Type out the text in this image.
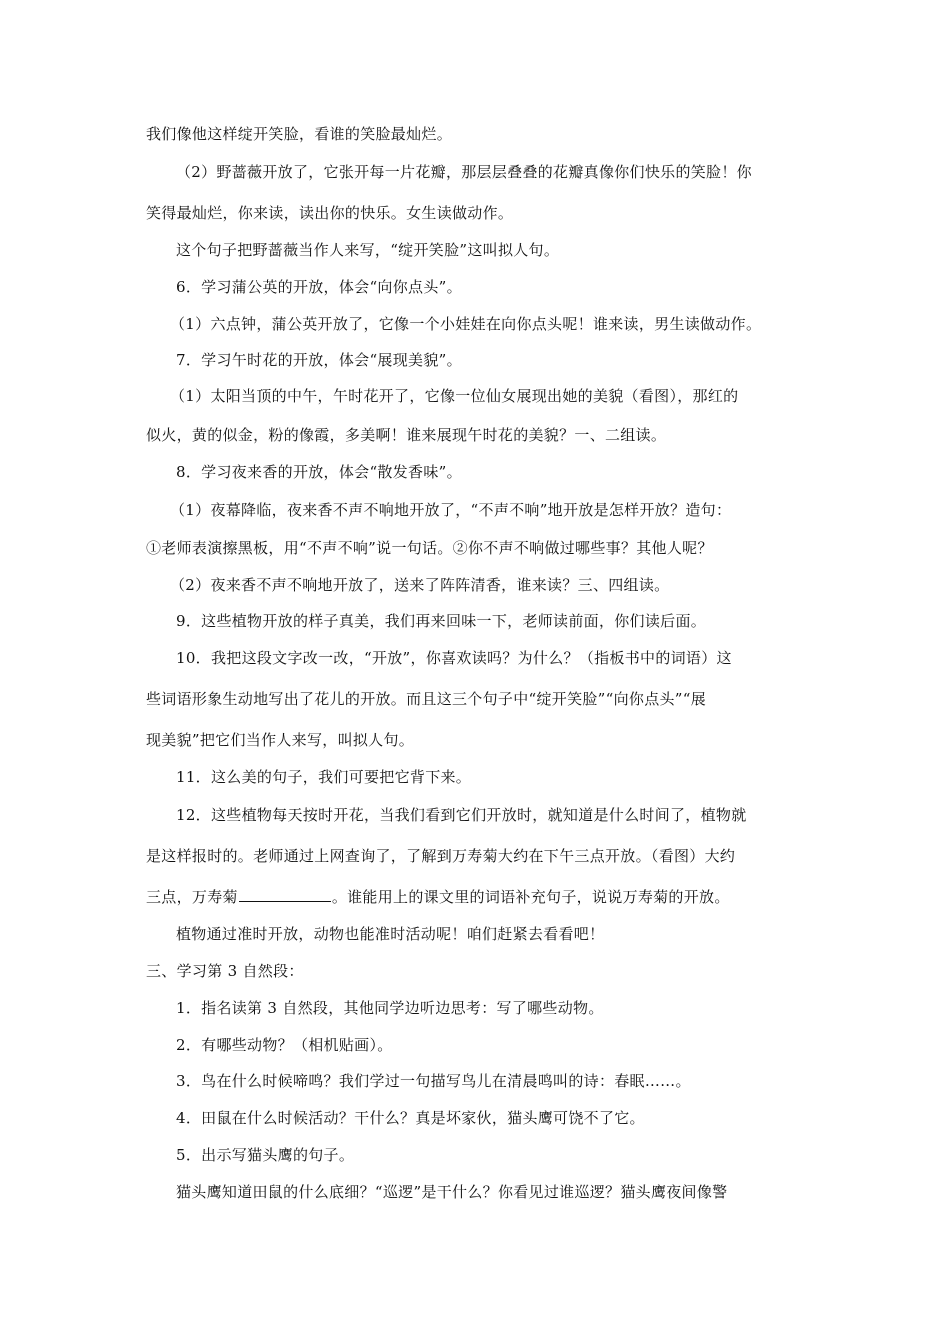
我们像他这样绽开笑脸，看谁的笑脸最灿烂。
（2）野蔷薇开放了，它张开每一片花瓣，那层层叠叠的花瓣真像你们快乐的笑脸！你
笑得最灿烂，你来读，读出你的快乐。女生读做动作。
这个句子把野蔷薇当作人来写，“绽开笑脸”这叫拟人句。
6．学习蒲公英的开放，体会“向你点头”。
（1）六点钟，蒲公英开放了，它像一个小娃娃在向你点头呢！谁来读，男生读做动作。
7．学习午时花的开放，体会“展现美貌”。
（1）太阳当顶的中午，午时花开了，它像一位仙女展现出她的美貌（看图），那红的
似火，黄的似金，粉的像霞，多美啊！谁来展现午时花的美貌？一、二组读。
8．学习夜来香的开放，体会“散发香味”。
（1）夜幕降临，夜来香不声不响地开放了，“不声不响”地开放是怎样开放？造句：
①老师表演擦黑板，用“不声不响”说一句话。②你不声不响做过哪些事？其他人呢？
（2）夜来香不声不响地开放了，送来了阵阵清香，谁来读？三、四组读。
9．这些植物开放的样子真美，我们再来回味一下，老师读前面，你们读后面。
10．我把这段文字改一改，“开放”，你喜欢读吗？为什么？（指板书中的词语）这
些词语形象生动地写出了花儿的开放。而且这三个句子中“绽开笑脸”“向你点头”“展
现美貌”把它们当作人来写，叫拟人句。
11．这么美的句子，我们可要把它背下来。
12．这些植物每天按时开花，当我们看到它们开放时，就知道是什么时间了，植物就
是这样报时的。老师通过上网查询了，了解到万寿菊大约在下午三点开放。（看图）大约
三点，万寿菊	。谁能用上的课文里的词语补充句子，说说万寿菊的开放。
植物通过准时开放，动物也能准时活动呢！咱们赶紧去看看吧！
三、学习第 3 自然段：
1．指名读第 3 自然段，其他同学边听边思考：写了哪些动物。
2．有哪些动物？（相机贴画）。
3．鸟在什么时候啼鸣？我们学过一句描写鸟儿在清晨鸣叫的诗：春眠……。
4．田鼠在什么时候活动？干什么？真是坏家伙，猫头鹰可饶不了它。
5．出示写猫头鹰的句子。
猫头鹰知道田鼠的什么底细？“巡逻”是干什么？你看见过谁巡逻？猫头鹰夜间像警
